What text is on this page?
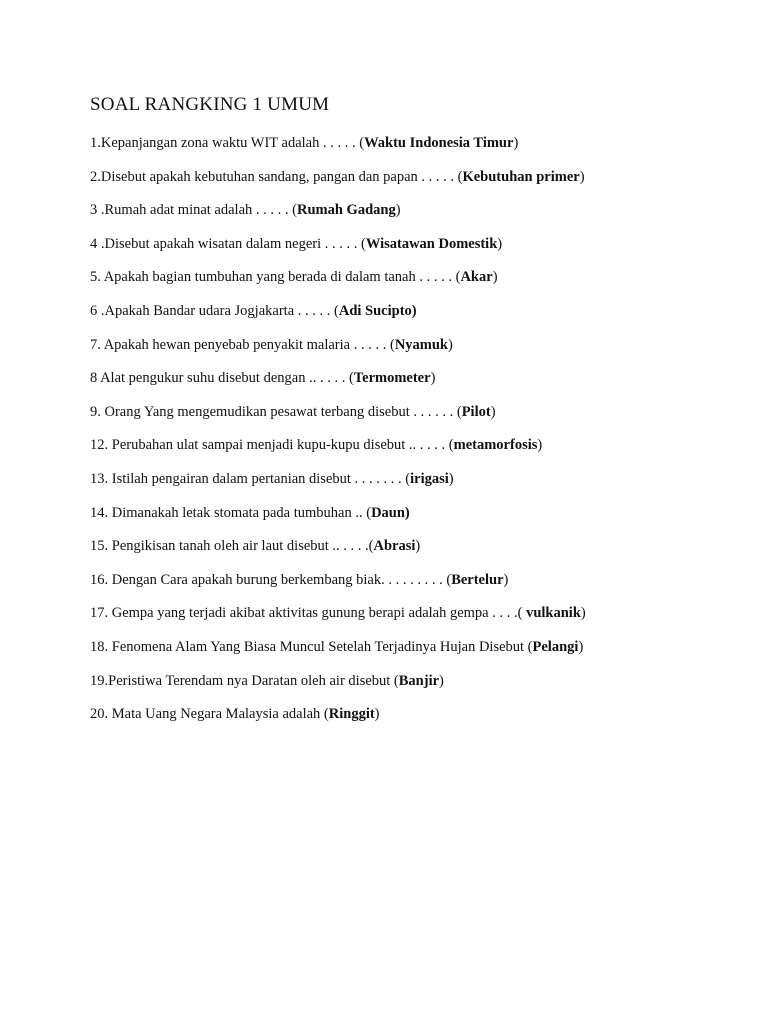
SOAL RANGKING 1 UMUM
1.Kepanjangan zona waktu WIT adalah . . . . . (Waktu Indonesia Timur)
2.Disebut apakah kebutuhan sandang, pangan dan papan . . . . . (Kebutuhan primer)
3 .Rumah adat minat adalah . . . . . (Rumah Gadang)
4 .Disebut apakah wisatan dalam negeri . . . . . (Wisatawan Domestik)
5. Apakah bagian tumbuhan yang berada di dalam tanah . . . . . (Akar)
6 .Apakah Bandar udara Jogjakarta . . . . . (Adi Sucipto)
7. Apakah hewan penyebab penyakit malaria . . . . . (Nyamuk)
8 Alat pengukur suhu disebut dengan .. . . . . (Termometer)
9. Orang Yang mengemudikan pesawat terbang disebut . . . . . . (Pilot)
12. Perubahan ulat sampai menjadi kupu-kupu disebut .. . . . . (metamorfosis)
13. Istilah pengairan dalam pertanian disebut . . . . . . . (irigasi)
14. Dimanakah letak stomata pada tumbuhan .. (Daun)
15. Pengikisan tanah oleh air laut disebut .. . . . .(Abrasi)
16. Dengan Cara apakah burung berkembang biak. . . . . . . . . (Bertelur)
17. Gempa yang terjadi akibat aktivitas gunung berapi adalah gempa . . . .( vulkanik)
18. Fenomena Alam Yang Biasa Muncul Setelah Terjadinya Hujan Disebut (Pelangi)
19.Peristiwa Terendam nya Daratan oleh air disebut (Banjir)
20. Mata Uang Negara Malaysia adalah (Ringgit)
